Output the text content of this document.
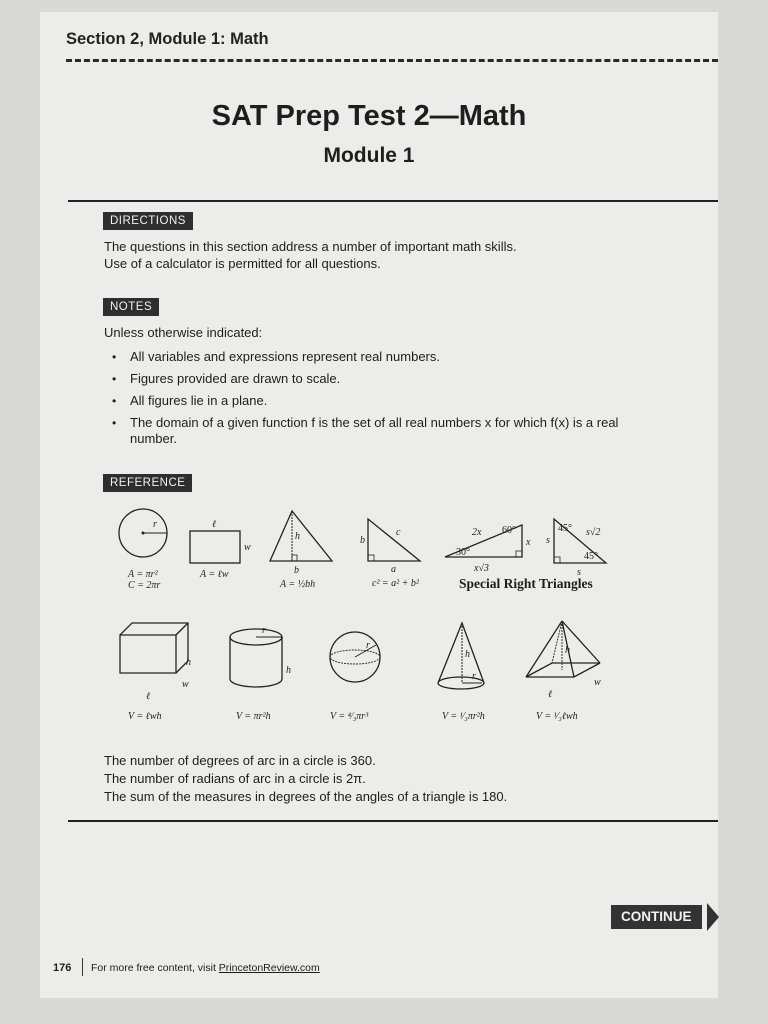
Section 2, Module 1: Math
SAT Prep Test 2—Math
Module 1
DIRECTIONS
The questions in this section address a number of important math skills.
Use of a calculator is permitted for all questions.
NOTES
Unless otherwise indicated:
• All variables and expressions represent real numbers.
• Figures provided are drawn to scale.
• All figures lie in a plane.
• The domain of a given function f is the set of all real numbers x for which f(x) is a real number.
REFERENCE
r
A = πr²
C = 2πr
ℓ
w
A = ℓw
h
b
A = ½bh
b
c
a
c² = a² + b²
2x 60°
x
30°
x√3
45° s√2
s
45°
s
Special Right Triangles
h
w
ℓ
V = ℓwh
r
h
V = πr²h
r
V = ⁴⁄₃πr³
h
r
V = ¹⁄₃πr²h
h
w
ℓ
V = ¹⁄₃ℓwh
The number of degrees of arc in a circle is 360.
The number of radians of arc in a circle is 2π.
The sum of the measures in degrees of the angles of a triangle is 180.
CONTINUE
176 For more free content, visit PrincetonReview.com
